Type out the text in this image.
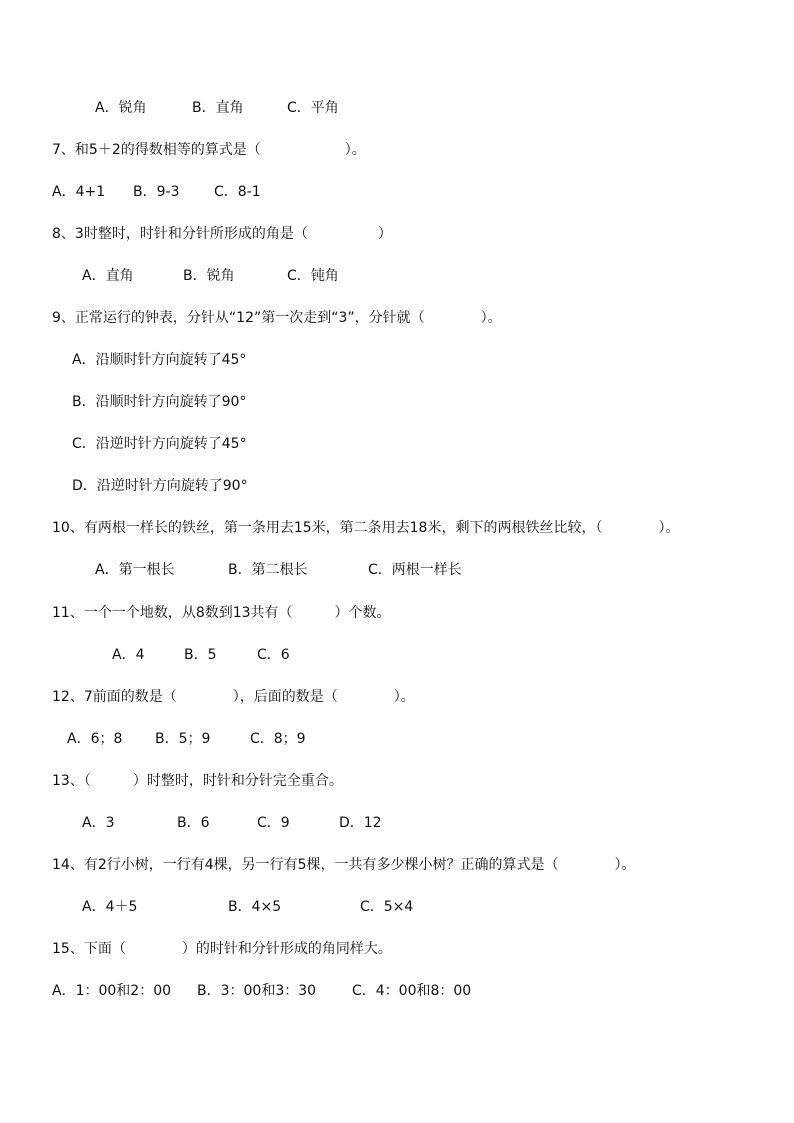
A．锐角	B．直角	C．平角
7、和5＋2的得数相等的算式是（　　　　　　）。
A．4+1 B．9-3 C．8-1
8、3时整时，时针和分针所形成的角是（　　　　　）
A．直角	B．锐角	C．钝角
9、正常运行的钟表，分针从“12”第一次走到“3”，分针就（　　　　）。
A．沿顺时针方向旋转了45°
B．沿顺时针方向旋转了90°
C．沿逆时针方向旋转了45°
D．沿逆时针方向旋转了90°
10、有两根一样长的铁丝，第一条用去15米，第二条用去18米，剩下的两根铁丝比较，（　　　　）。
A．第一根长	B．第二根长	C．两根一样长
11、一个一个地数，从8数到13共有（　　　）个数。
A．4	B．5	C．6
12、7前面的数是（　　　　），后面的数是（　　　　）。
A．6；8 B．5；9	C．8；9
13、（　　　）时整时，时针和分针完全重合。
A．3	B．6	C．9	D．12
14、有2行小树，一行有4棵，另一行有5棵，一共有多少棵小树？正确的算式是（　　　　）。
A．4＋5	B．4×5	C．5×4
15、下面（　　　　）的时针和分针形成的角同样大。
A．1：00和2：00 B．3：00和3：30	C．4：00和8：00
